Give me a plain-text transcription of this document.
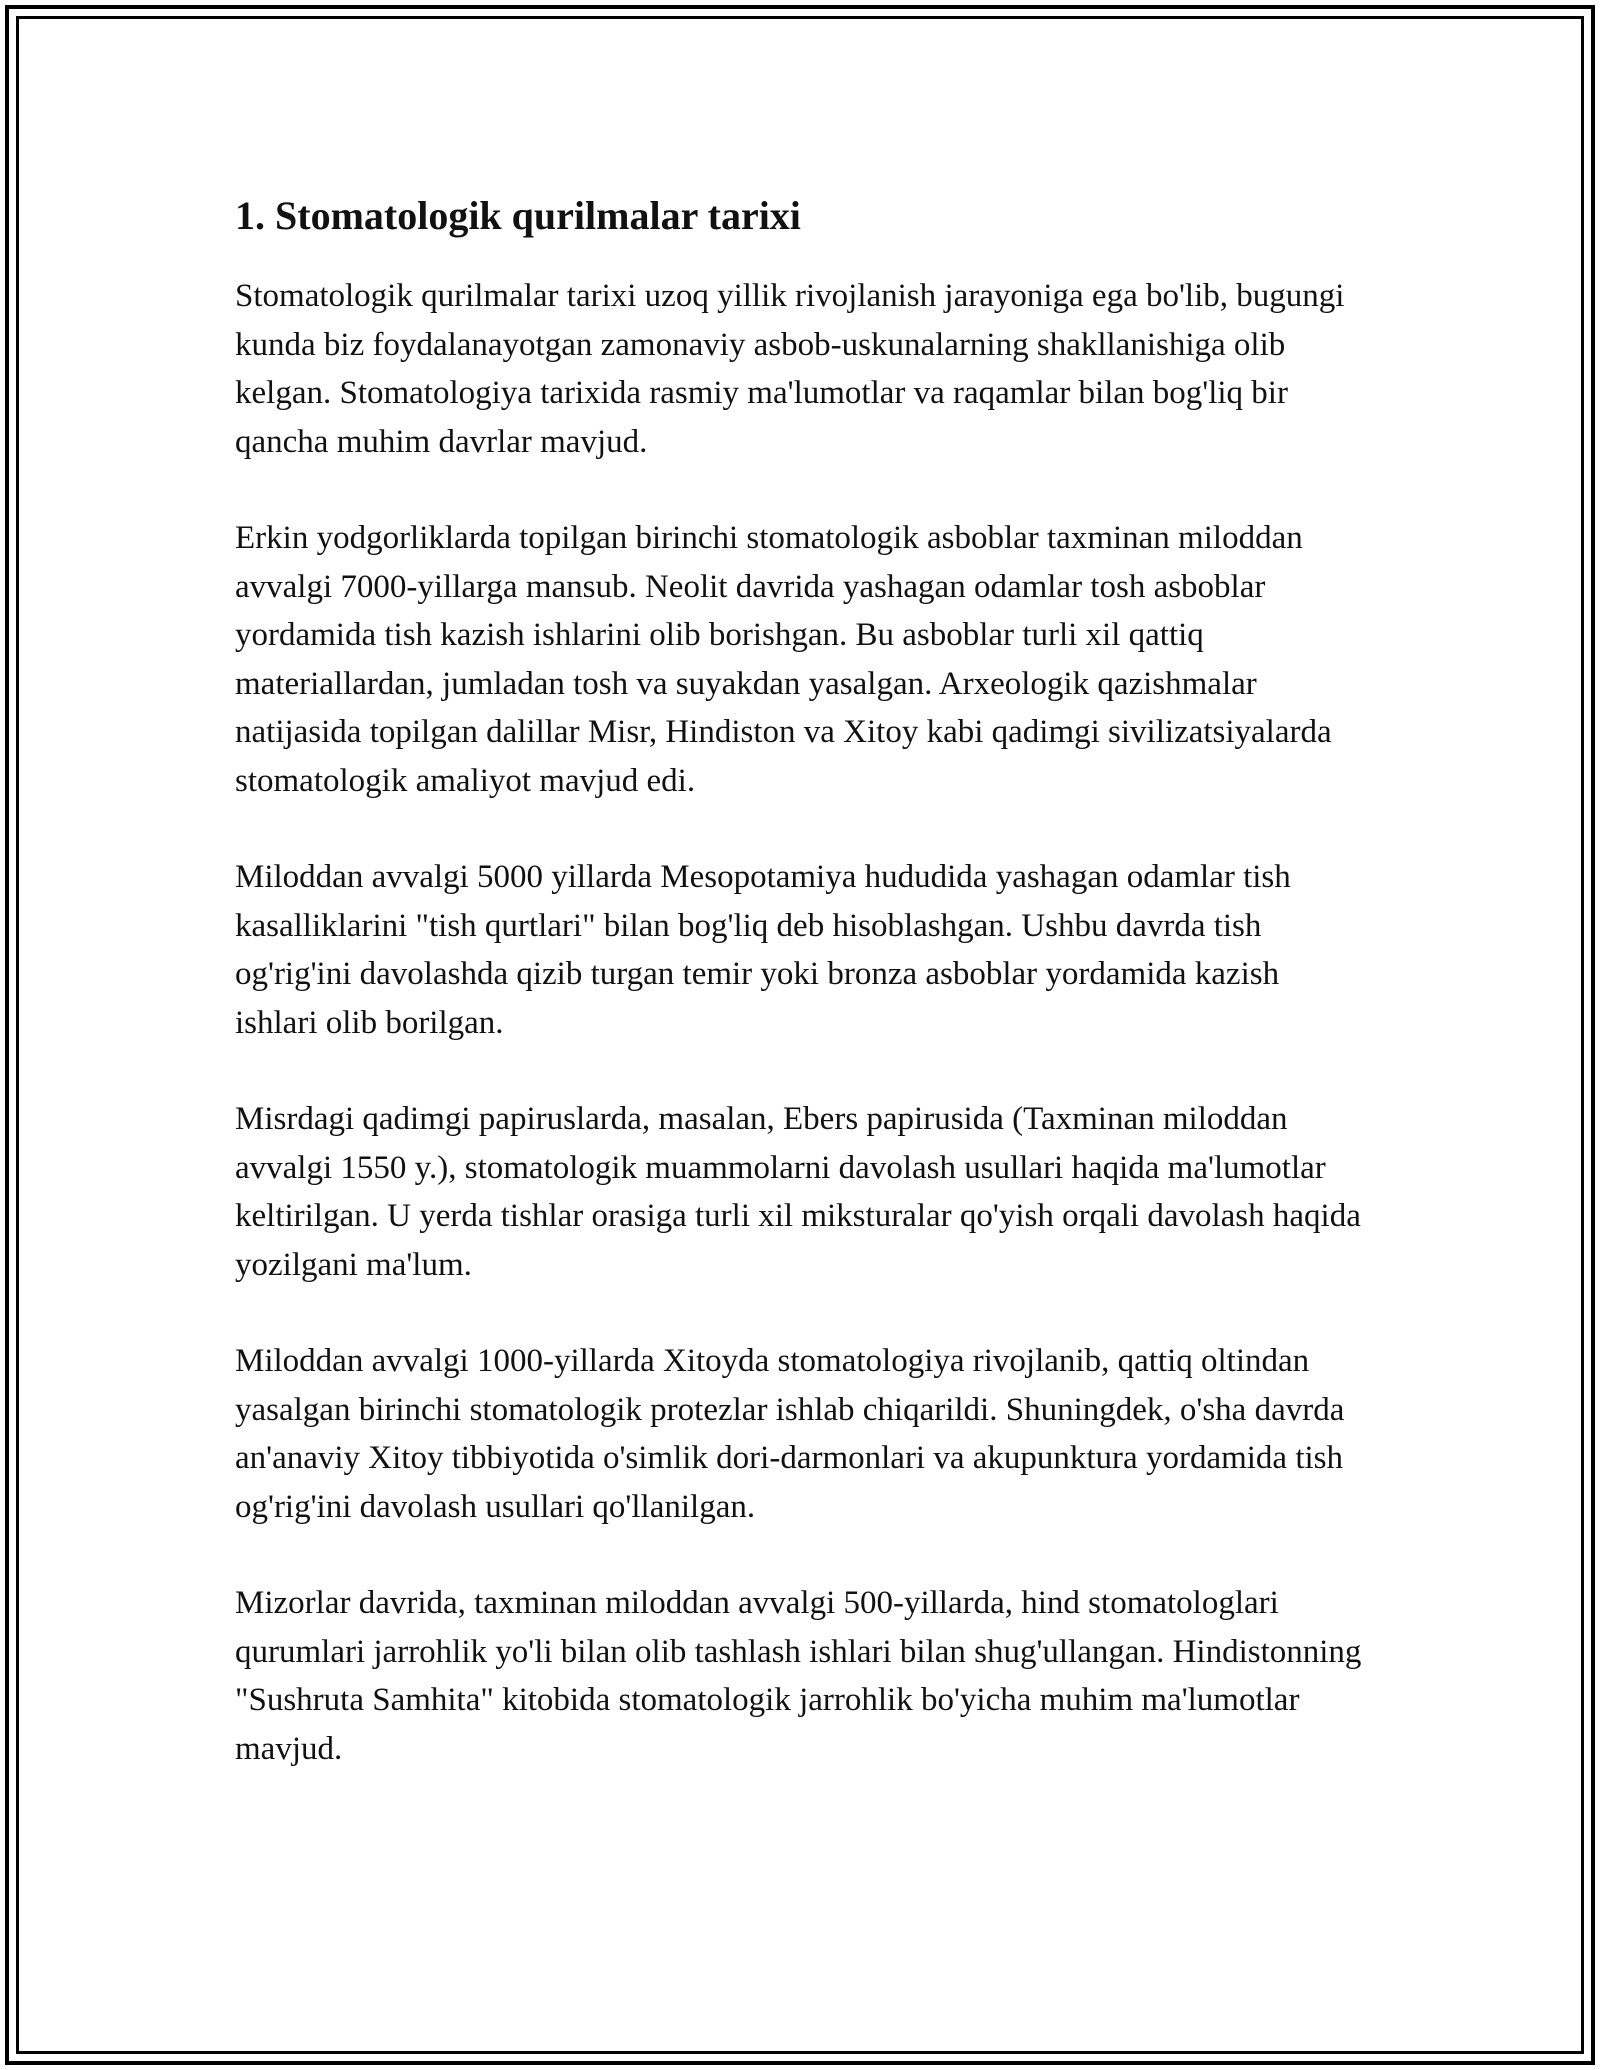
1. Stomatologik qurilmalar tarixi

Stomatologik qurilmalar tarixi uzoq yillik rivojlanish jarayoniga ega bo'lib, bugungi kunda biz foydalanayotgan zamonaviy asbob-uskunalarning shakllanishiga olib kelgan. Stomatologiya tarixida rasmiy ma'lumotlar va raqamlar bilan bog'liq bir qancha muhim davrlar mavjud.

Erkin yodgorliklarda topilgan birinchi stomatologik asboblar taxminan miloddan avvalgi 7000-yillarga mansub. Neolit davrida yashagan odamlar tosh asboblar yordamida tish kazish ishlarini olib borishgan. Bu asboblar turli xil qattiq materiallardan, jumladan tosh va suyakdan yasalgan. Arxeologik qazishmalar natijasida topilgan dalillar Misr, Hindiston va Xitoy kabi qadimgi sivilizatsiyalarda stomatologik amaliyot mavjud edi.

Miloddan avvalgi 5000 yillarda Mesopotamiya hududida yashagan odamlar tish kasalliklarini "tish qurtlari" bilan bog'liq deb hisoblashgan. Ushbu davrda tish og'rig'ini davolashda qizib turgan temir yoki bronza asboblar yordamida kazish ishlari olib borilgan.

Misrdagi qadimgi papiruslarda, masalan, Ebers papirusida (Taxminan miloddan avvalgi 1550 y.), stomatologik muammolarni davolash usullari haqida ma'lumotlar keltirilgan. U yerda tishlar orasiga turli xil miksturalar qo'yish orqali davolash haqida yozilgani ma'lum.

Miloddan avvalgi 1000-yillarda Xitoyda stomatologiya rivojlanib, qattiq oltindan yasalgan birinchi stomatologik protezlar ishlab chiqarildi. Shuningdek, o'sha davrda an'anaviy Xitoy tibbiyotida o'simlik dori-darmonlari va akupunktura yordamida tish og'rig'ini davolash usullari qo'llanilgan.

Mizorlar davrida, taxminan miloddan avvalgi 500-yillarda, hind stomatologlari qurumlari jarrohlik yo'li bilan olib tashlash ishlari bilan shug'ullangan. Hindistonning "Sushruta Samhita" kitobida stomatologik jarrohlik bo'yicha muhim ma'lumotlar mavjud.
